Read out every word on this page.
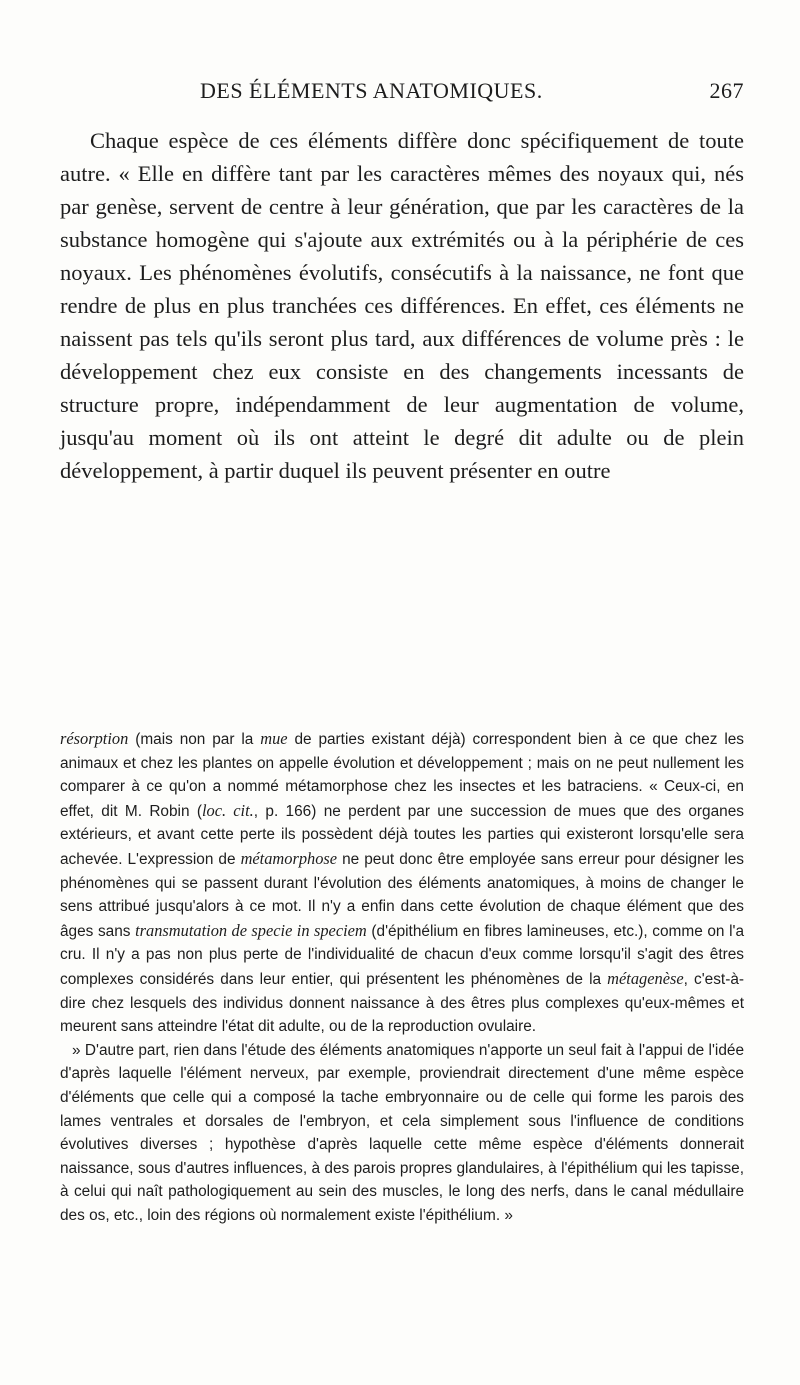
DES ÉLÉMENTS ANATOMIQUES.	267

Chaque espèce de ces éléments diffère donc spécifiquement de toute autre. « Elle en diffère tant par les caractères mêmes des noyaux qui, nés par genèse, servent de centre à leur génération, que par les caractères de la substance homogène qui s'ajoute aux extrémités ou à la périphérie de ces noyaux. Les phénomènes évolutifs, consécutifs à la naissance, ne font que rendre de plus en plus tranchées ces différences. En effet, ces éléments ne naissent pas tels qu'ils seront plus tard, aux différences de volume près : le développement chez eux consiste en des changements incessants de structure propre, indépendamment de leur augmentation de volume, jusqu'au moment où ils ont atteint le degré dit adulte ou de plein développement, à partir duquel ils peuvent présenter en outre

résorption (mais non par la mue de parties existant déjà) correspondent bien à ce que chez les animaux et chez les plantes on appelle évolution et développement ; mais on ne peut nullement les comparer à ce qu'on a nommé métamorphose chez les insectes et les batraciens. « Ceux-ci, en effet, dit M. Robin (loc. cit., p. 166) ne perdent par une succession de mues que des organes extérieurs, et avant cette perte ils possèdent déjà toutes les parties qui existeront lorsqu'elle sera achevée. L'expression de métamorphose ne peut donc être employée sans erreur pour désigner les phénomènes qui se passent durant l'évolution des éléments anatomiques, à moins de changer le sens attribué jusqu'alors à ce mot. Il n'y a enfin dans cette évolution de chaque élément que des âges sans transmutation de specie in speciem (d'épithélium en fibres lamineuses, etc.), comme on l'a cru. Il n'y a pas non plus perte de l'individualité de chacun d'eux comme lorsqu'il s'agit des êtres complexes considérés dans leur entier, qui présentent les phénomènes de la métagenèse, c'est-à-dire chez lesquels des individus donnent naissance à des êtres plus complexes qu'eux-mêmes et meurent sans atteindre l'état dit adulte, ou de la reproduction ovulaire.

» D'autre part, rien dans l'étude des éléments anatomiques n'apporte un seul fait à l'appui de l'idée d'après laquelle l'élément nerveux, par exemple, proviendrait directement d'une même espèce d'éléments que celle qui a composé la tache embryonnaire ou de celle qui forme les parois des lames ventrales et dorsales de l'embryon, et cela simplement sous l'influence de conditions évolutives diverses ; hypothèse d'après laquelle cette même espèce d'éléments donnerait naissance, sous d'autres influences, à des parois propres glandulaires, à l'épithélium qui les tapisse, à celui qui naît pathologiquement au sein des muscles, le long des nerfs, dans le canal médullaire des os, etc., loin des régions où normalement existe l'épithélium. »
